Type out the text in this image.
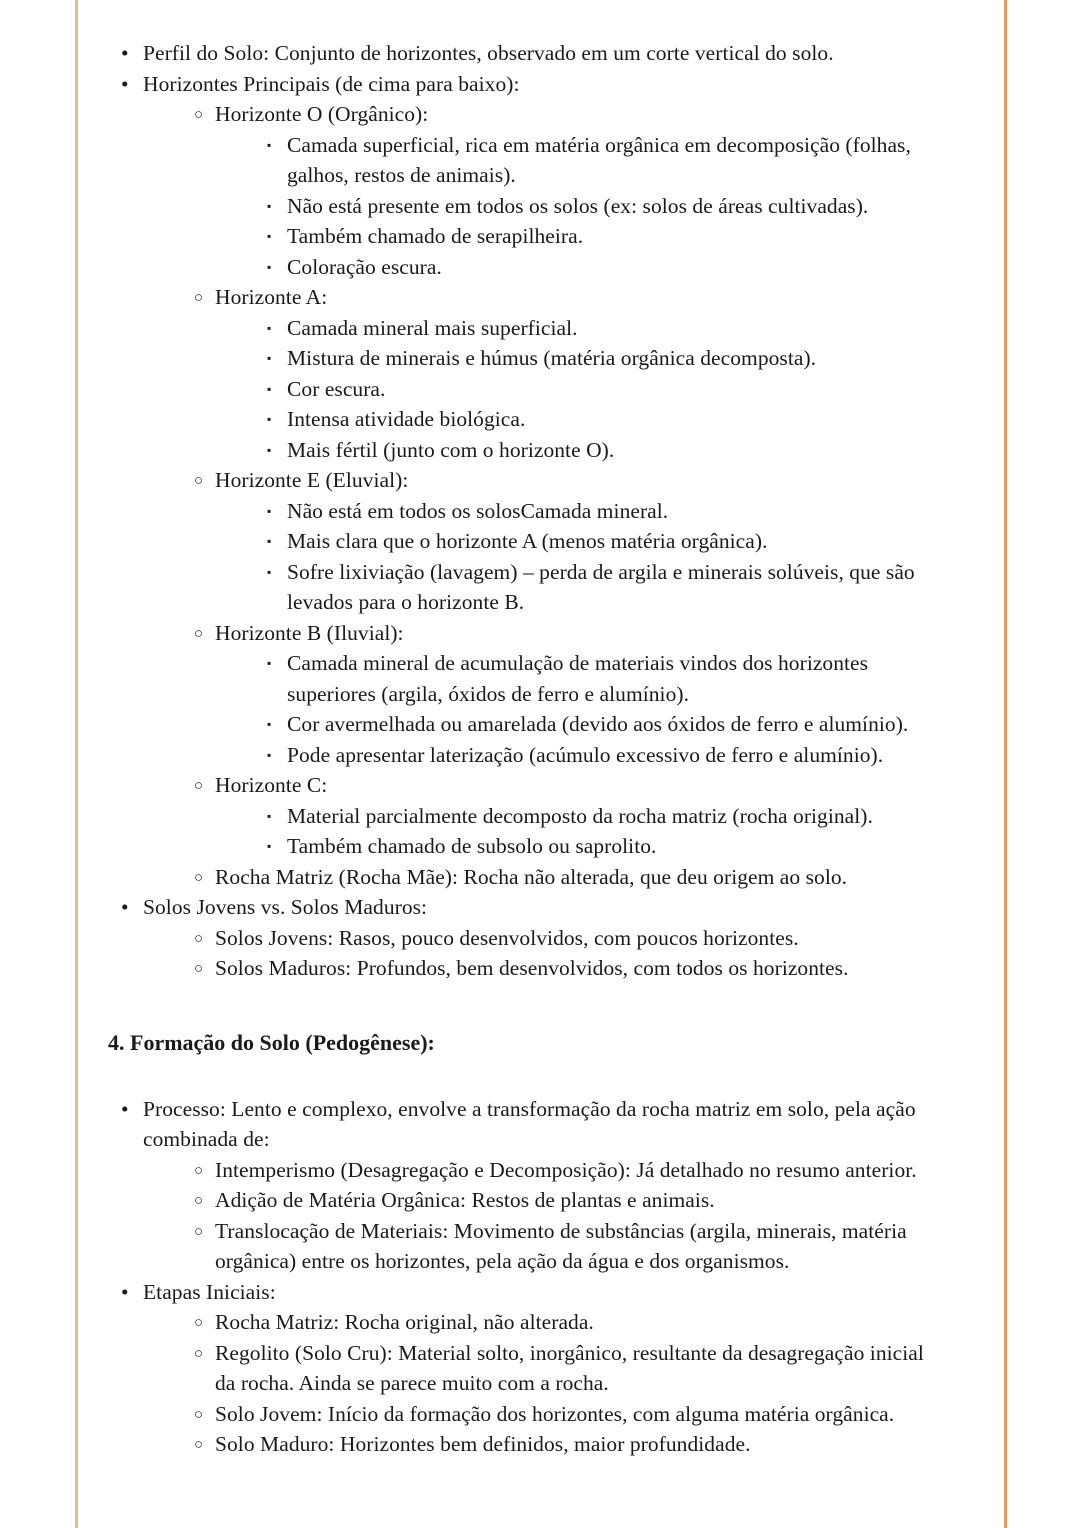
• Perfil do Solo: Conjunto de horizontes, observado em um corte vertical do solo.
• Horizontes Principais (de cima para baixo):
○ Horizonte O (Orgânico):
▪ Camada superficial, rica em matéria orgânica em decomposição (folhas, galhos, restos de animais).
▪ Não está presente em todos os solos (ex: solos de áreas cultivadas).
▪ Também chamado de serapilheira.
▪ Coloração escura.
○ Horizonte A:
▪ Camada mineral mais superficial.
▪ Mistura de minerais e húmus (matéria orgânica decomposta).
▪ Cor escura.
▪ Intensa atividade biológica.
▪ Mais fértil (junto com o horizonte O).
○ Horizonte E (Eluvial):
▪ Não está em todos os solosCamada mineral.
▪ Mais clara que o horizonte A (menos matéria orgânica).
▪ Sofre lixiviação (lavagem) – perda de argila e minerais solúveis, que são levados para o horizonte B.
○ Horizonte B (Iluvial):
▪ Camada mineral de acumulação de materiais vindos dos horizontes superiores (argila, óxidos de ferro e alumínio).
▪ Cor avermelhada ou amarelada (devido aos óxidos de ferro e alumínio).
▪ Pode apresentar laterização (acúmulo excessivo de ferro e alumínio).
○ Horizonte C:
▪ Material parcialmente decomposto da rocha matriz (rocha original).
▪ Também chamado de subsolo ou saprolito.
○ Rocha Matriz (Rocha Mãe): Rocha não alterada, que deu origem ao solo.
• Solos Jovens vs. Solos Maduros:
○ Solos Jovens: Rasos, pouco desenvolvidos, com poucos horizontes.
○ Solos Maduros: Profundos, bem desenvolvidos, com todos os horizontes.
4. Formação do Solo (Pedogênese):
• Processo: Lento e complexo, envolve a transformação da rocha matriz em solo, pela ação combinada de:
○ Intemperismo (Desagregação e Decomposição): Já detalhado no resumo anterior.
○ Adição de Matéria Orgânica: Restos de plantas e animais.
○ Translocação de Materiais: Movimento de substâncias (argila, minerais, matéria orgânica) entre os horizontes, pela ação da água e dos organismos.
• Etapas Iniciais:
○ Rocha Matriz: Rocha original, não alterada.
○ Regolito (Solo Cru): Material solto, inorgânico, resultante da desagregação inicial da rocha. Ainda se parece muito com a rocha.
○ Solo Jovem: Início da formação dos horizontes, com alguma matéria orgânica.
○ Solo Maduro: Horizontes bem definidos, maior profundidade.
